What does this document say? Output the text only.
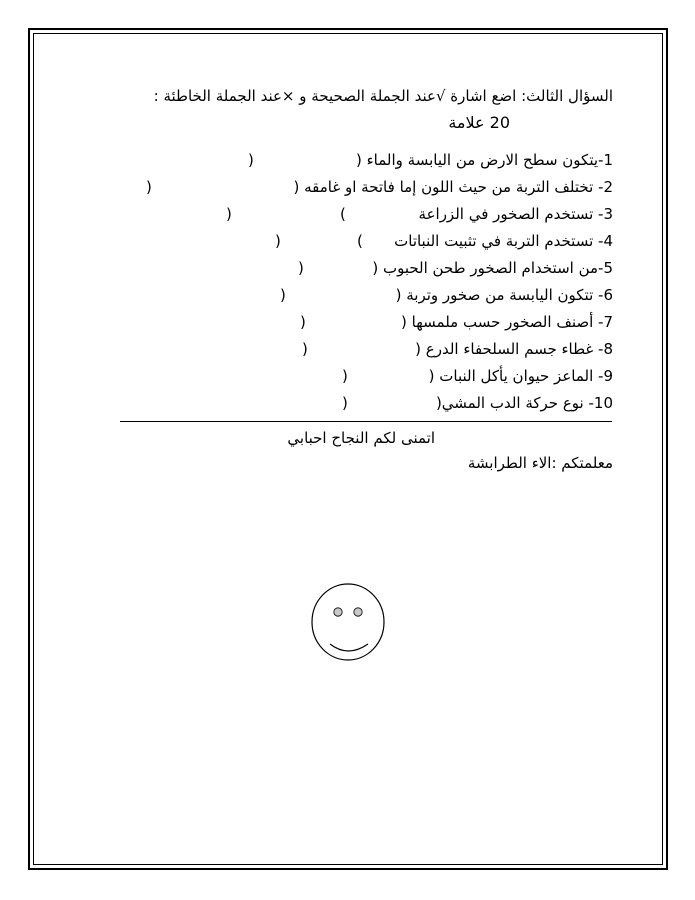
السؤال الثالث: اضع اشارة √عند الجملة الصحيحة و ×عند الجملة الخاطئة :
20 علامة
1-يتكون سطح الارض من اليابسة والماء (
)
2- تختلف التربة من حيث اللون إما فاتحة او غامقه (
)
3- تستخدم الصخور في الزراعة
(
)
4- تستخدم التربة في تثبيت النباتات
(
)
5-من استخدام الصخور طحن الحبوب (
)
6- تتكون اليابسة من صخور وتربة (
)
7- أصنف الصخور حسب ملمسها (
)
8- غطاء جسم السلحفاء الدرع (
)
9- الماعز حيوان يأكل النبات (
)
10- نوع حركة الدب المشي(
)
اتمنى لكم النجاح احبابي
معلمتكم :الاء الطرابشة
